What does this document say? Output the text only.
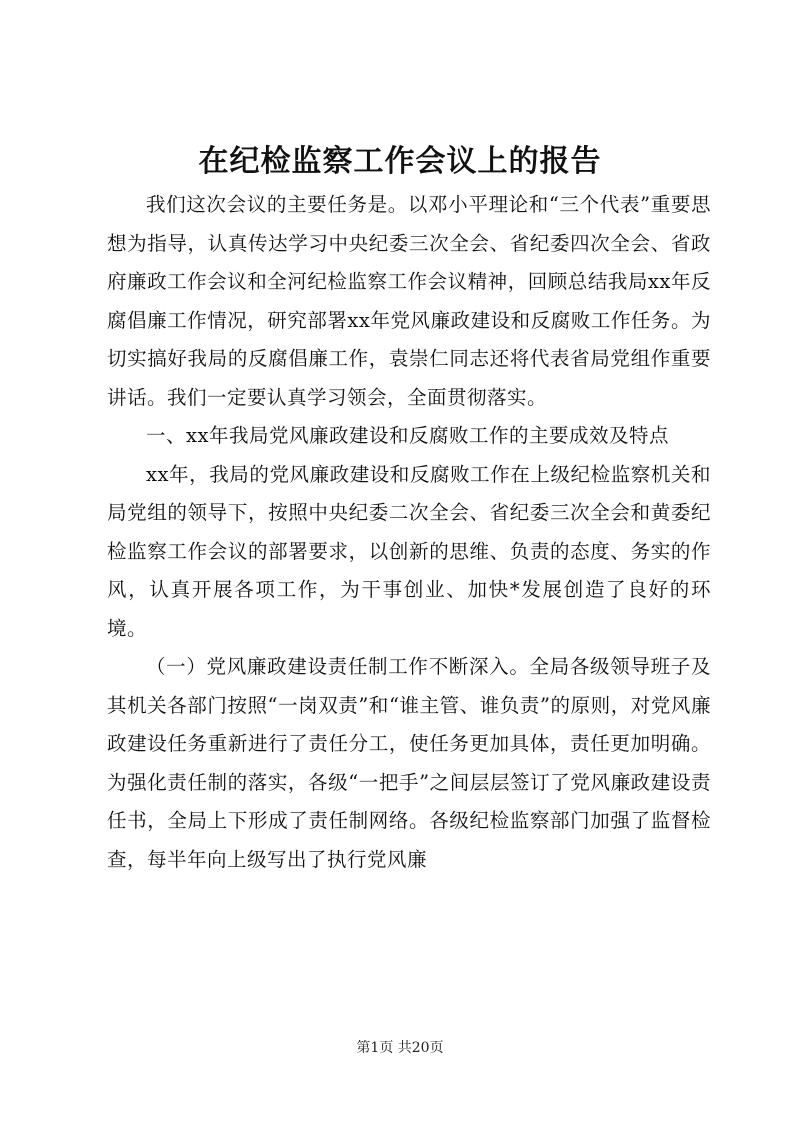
在纪检监察工作会议上的报告

我们这次会议的主要任务是。以邓小平理论和“三个代表”重要思想为指导，认真传达学习中央纪委三次全会、省纪委四次全会、省政府廉政工作会议和全河纪检监察工作会议精神，回顾总结我局xx年反腐倡廉工作情况，研究部署xx年党风廉政建设和反腐败工作任务。为切实搞好我局的反腐倡廉工作，袁崇仁同志还将代表省局党组作重要讲话。我们一定要认真学习领会，全面贯彻落实。

一、xx年我局党风廉政建设和反腐败工作的主要成效及特点

xx年，我局的党风廉政建设和反腐败工作在上级纪检监察机关和局党组的领导下，按照中央纪委二次全会、省纪委三次全会和黄委纪检监察工作会议的部署要求，以创新的思维、负责的态度、务实的作风，认真开展各项工作，为干事创业、加快*发展创造了良好的环境。

（一）党风廉政建设责任制工作不断深入。全局各级领导班子及其机关各部门按照“一岗双责”和“谁主管、谁负责”的原则，对党风廉政建设任务重新进行了责任分工，使任务更加具体，责任更加明确。为强化责任制的落实，各级“一把手”之间层层签订了党风廉政建设责任书，全局上下形成了责任制网络。各级纪检监察部门加强了监督检查，每半年向上级写出了执行党风廉

第1页 共20页
